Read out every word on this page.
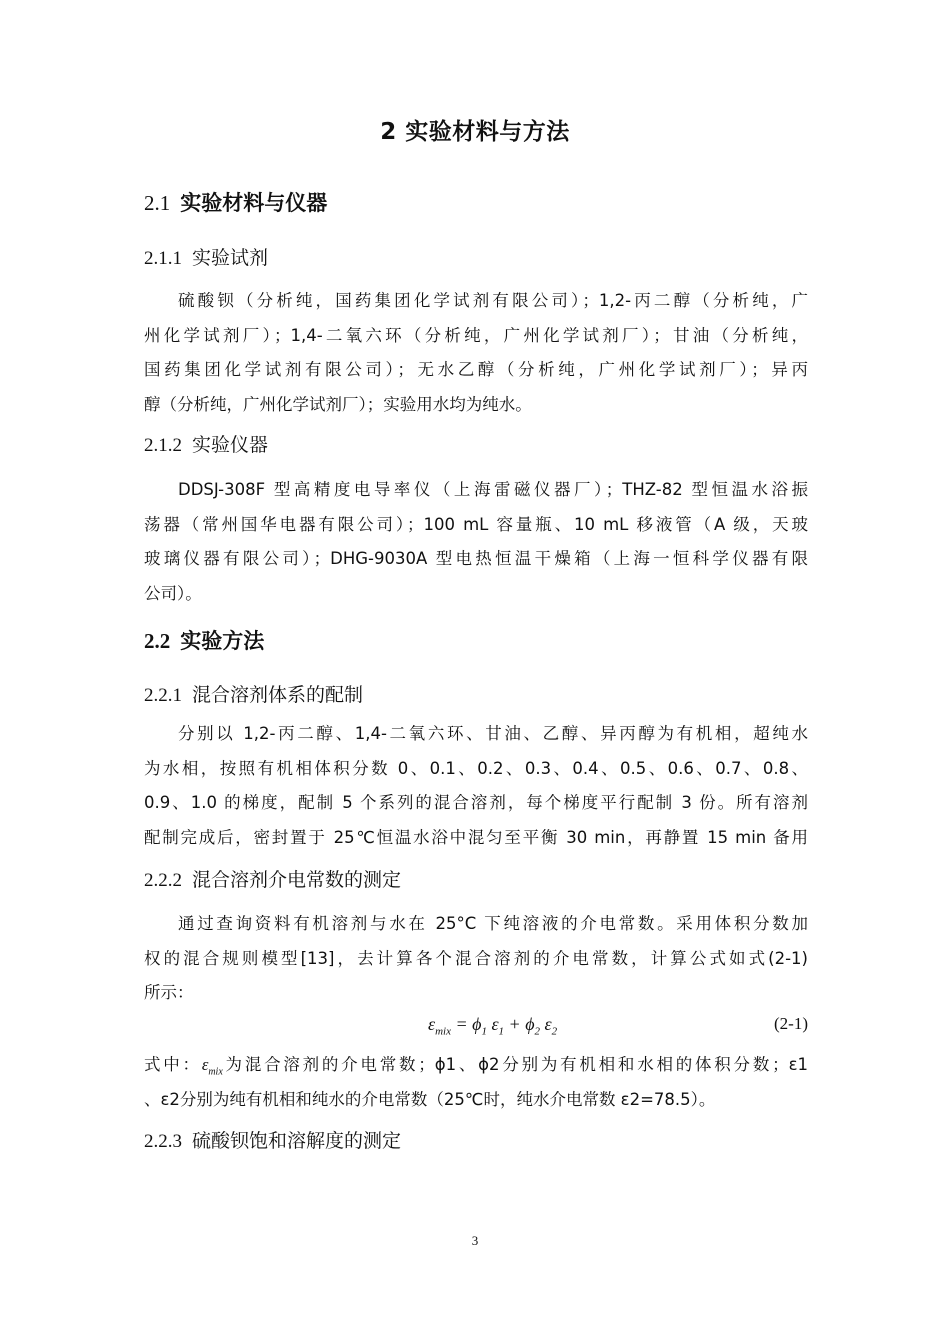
2 实验材料与方法
2.1 实验材料与仪器
2.1.1 实验试剂
硫酸钡（分析纯，国药集团化学试剂有限公司）；1,2-丙二醇（分析纯，广
州化学试剂厂）；1,4-二氧六环（分析纯，广州化学试剂厂）；甘油（分析纯，
国药集团化学试剂有限公司）；无水乙醇（分析纯，广州化学试剂厂）；异丙
醇（分析纯，广州化学试剂厂）；实验用水均为纯水。
2.1.2 实验仪器
DDSJ-308F 型高精度电导率仪（上海雷磁仪器厂）；THZ-82 型恒温水浴振
荡器（常州国华电器有限公司）；100 mL 容量瓶、10 mL 移液管（A 级，天玻
玻璃仪器有限公司）；DHG-9030A 型电热恒温干燥箱（上海一恒科学仪器有限
公司）。
2.2 实验方法
2.2.1 混合溶剂体系的配制
分别以 1,2-丙二醇、1,4-二氧六环、甘油、乙醇、异丙醇为有机相，超纯水
为水相，按照有机相体积分数 0、0.1、0.2、0.3、0.4、0.5、0.6、0.7、0.8、
0.9、1.0 的梯度，配制 5 个系列的混合溶剂，每个梯度平行配制 3 份。所有溶剂
配制完成后，密封置于 25℃恒温水浴中混匀至平衡 30 min，再静置 15 min 备用
2.2.2 混合溶剂介电常数的测定
通过查询资料有机溶剂与水在 25°C 下纯溶液的介电常数。采用体积分数加
权的混合规则模型[13]，去计算各个混合溶剂的介电常数，计算公式如式(2-1)
所示：
$\varepsilon_{mix} = \phi_1$ $\varepsilon_1 + \phi_2$ $\varepsilon_2$	(2-1)
式中：$\varepsilon_{mix}$为混合溶剂的介电常数；ϕ1、ϕ2分别为有机相和水相的体积分数；ε1
、ε2分别为纯有机相和纯水的介电常数（25℃时，纯水介电常数 ε2=78.5）。
2.2.3 硫酸钡饱和溶解度的测定
3
